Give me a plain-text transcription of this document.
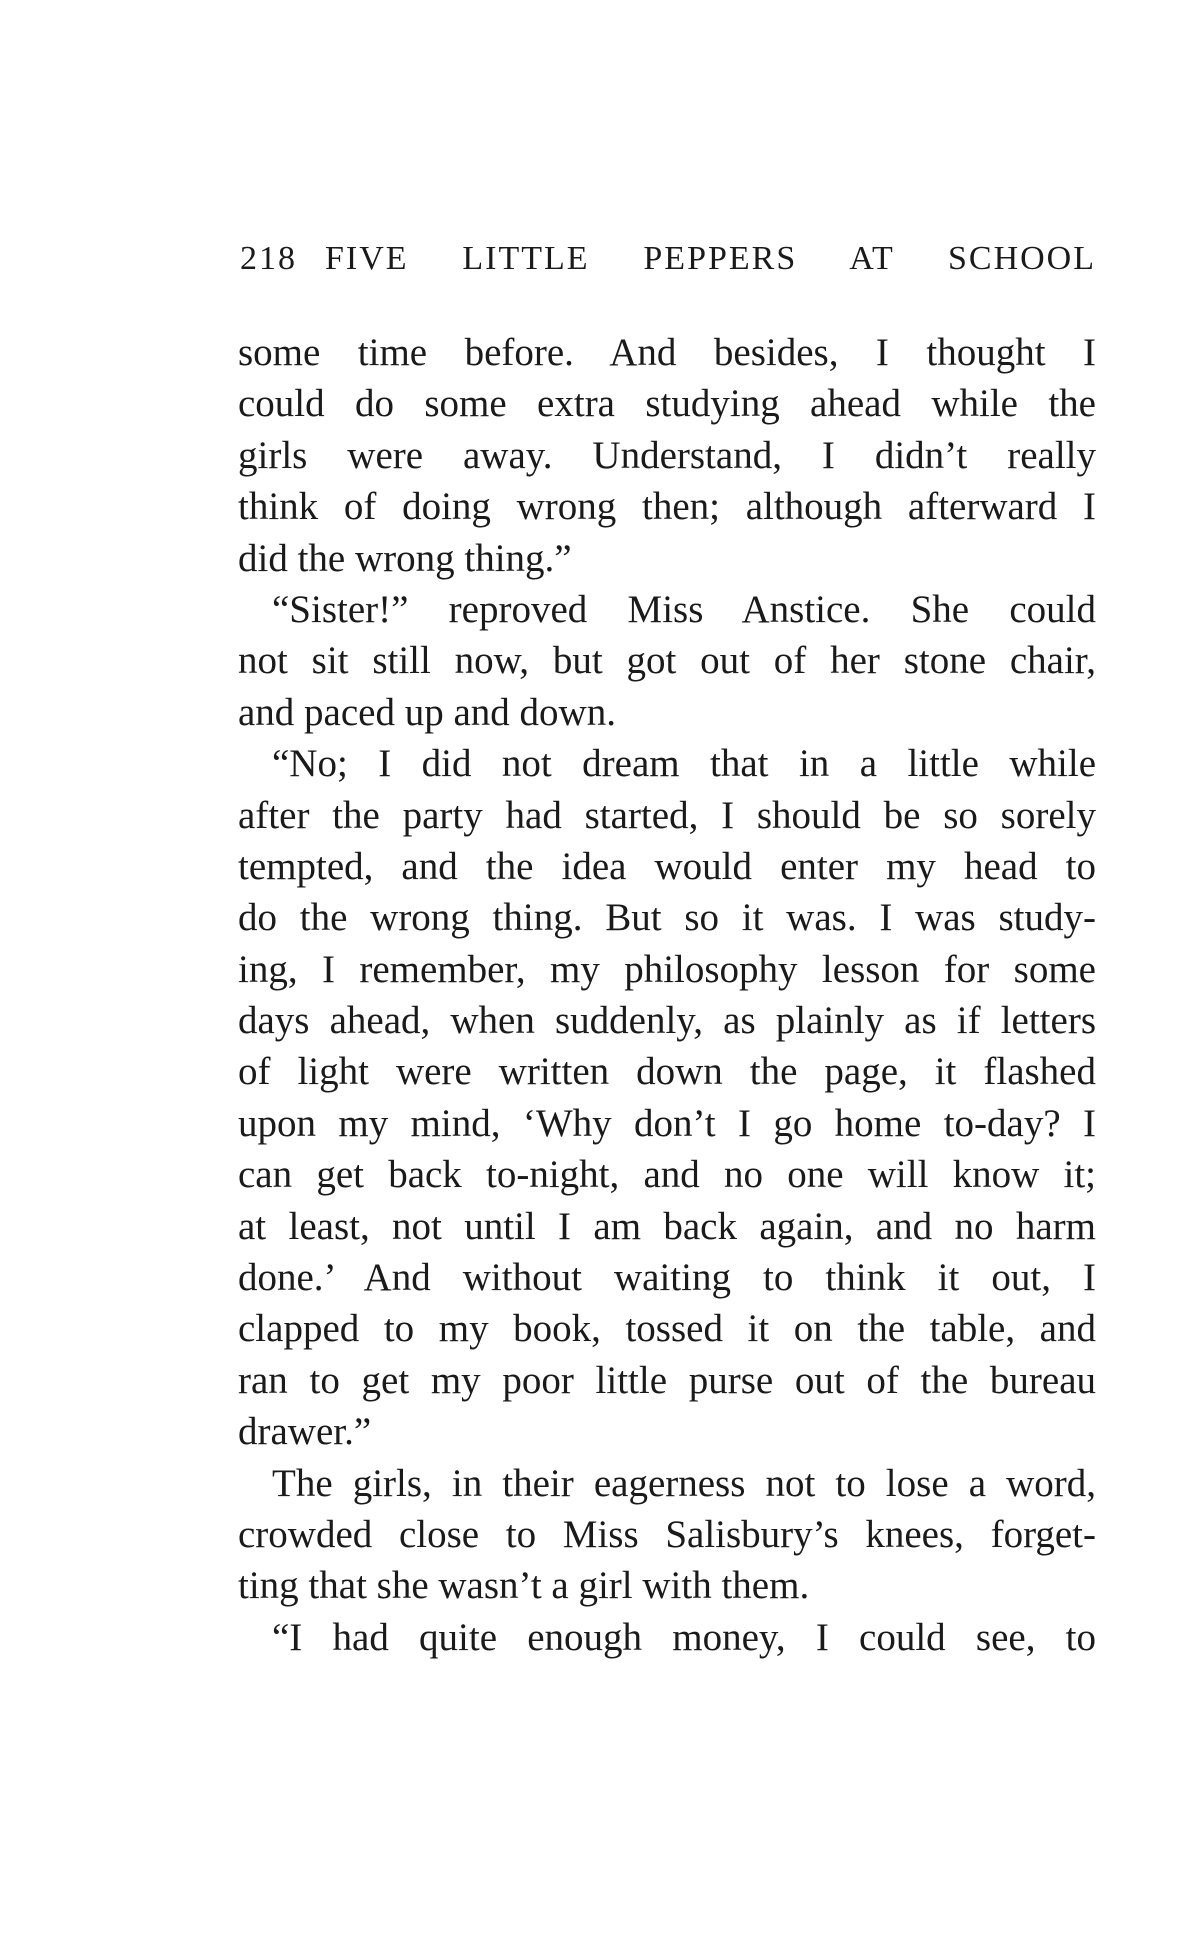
218 FIVE LITTLE PEPPERS AT SCHOOL
some time before. And besides, I thought I
could do some extra studying ahead while the
girls were away. Understand, I didn’t really
think of doing wrong then; although afterward I
did the wrong thing.”
“Sister!” reproved Miss Anstice. She could
not sit still now, but got out of her stone chair,
and paced up and down.
“No; I did not dream that in a little while
after the party had started, I should be so sorely
tempted, and the idea would enter my head to
do the wrong thing. But so it was. I was study-
ing, I remember, my philosophy lesson for some
days ahead, when suddenly, as plainly as if letters
of light were written down the page, it flashed
upon my mind, ‘Why don’t I go home to-day? I
can get back to-night, and no one will know it;
at least, not until I am back again, and no harm
done.’ And without waiting to think it out, I
clapped to my book, tossed it on the table, and
ran to get my poor little purse out of the bureau
drawer.”
The girls, in their eagerness not to lose a word,
crowded close to Miss Salisbury’s knees, forget-
ting that she wasn’t a girl with them.
“I had quite enough money, I could see, to
